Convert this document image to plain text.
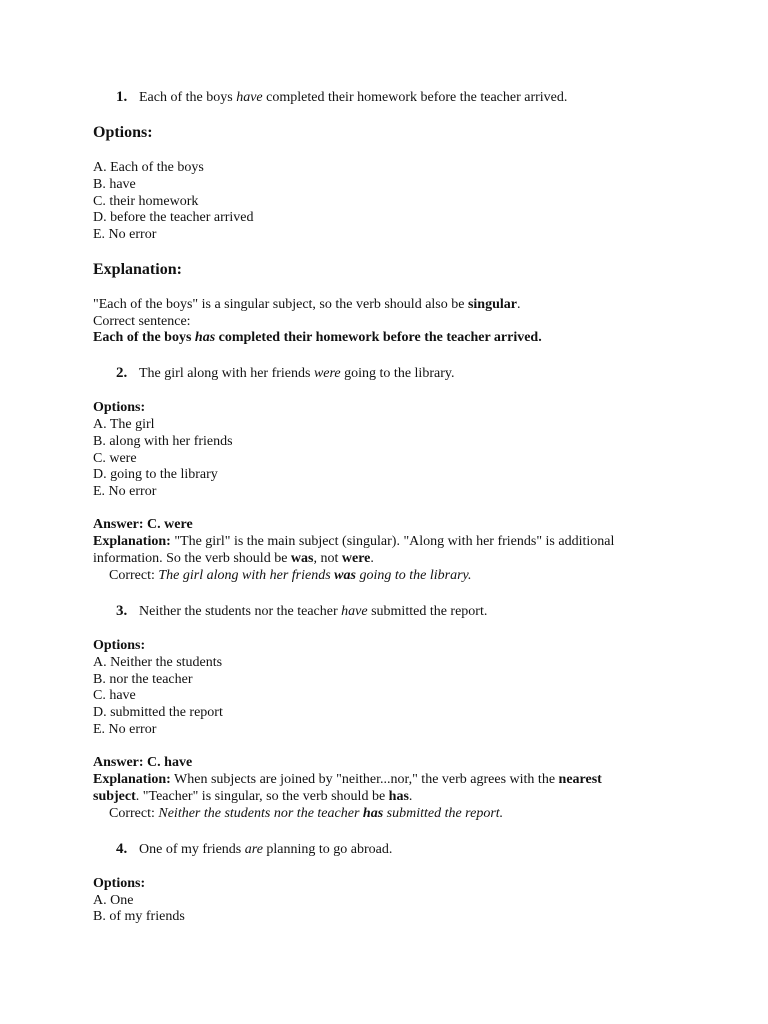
1. Each of the boys have completed their homework before the teacher arrived.
Options:
A. Each of the boys
B. have
C. their homework
D. before the teacher arrived
E. No error
Explanation:
"Each of the boys" is a singular subject, so the verb should also be singular.
Correct sentence:
Each of the boys has completed their homework before the teacher arrived.
2. The girl along with her friends were going to the library.
Options:
A. The girl
B. along with her friends
C. were
D. going to the library
E. No error
Answer: C. were
Explanation: "The girl" is the main subject (singular). "Along with her friends" is additional
information. So the verb should be was, not were.
Correct: The girl along with her friends was going to the library.
3. Neither the students nor the teacher have submitted the report.
Options:
A. Neither the students
B. nor the teacher
C. have
D. submitted the report
E. No error
Answer: C. have
Explanation: When subjects are joined by "neither...nor," the verb agrees with the nearest
subject. "Teacher" is singular, so the verb should be has.
Correct: Neither the students nor the teacher has submitted the report.
4. One of my friends are planning to go abroad.
Options:
A. One
B. of my friends
